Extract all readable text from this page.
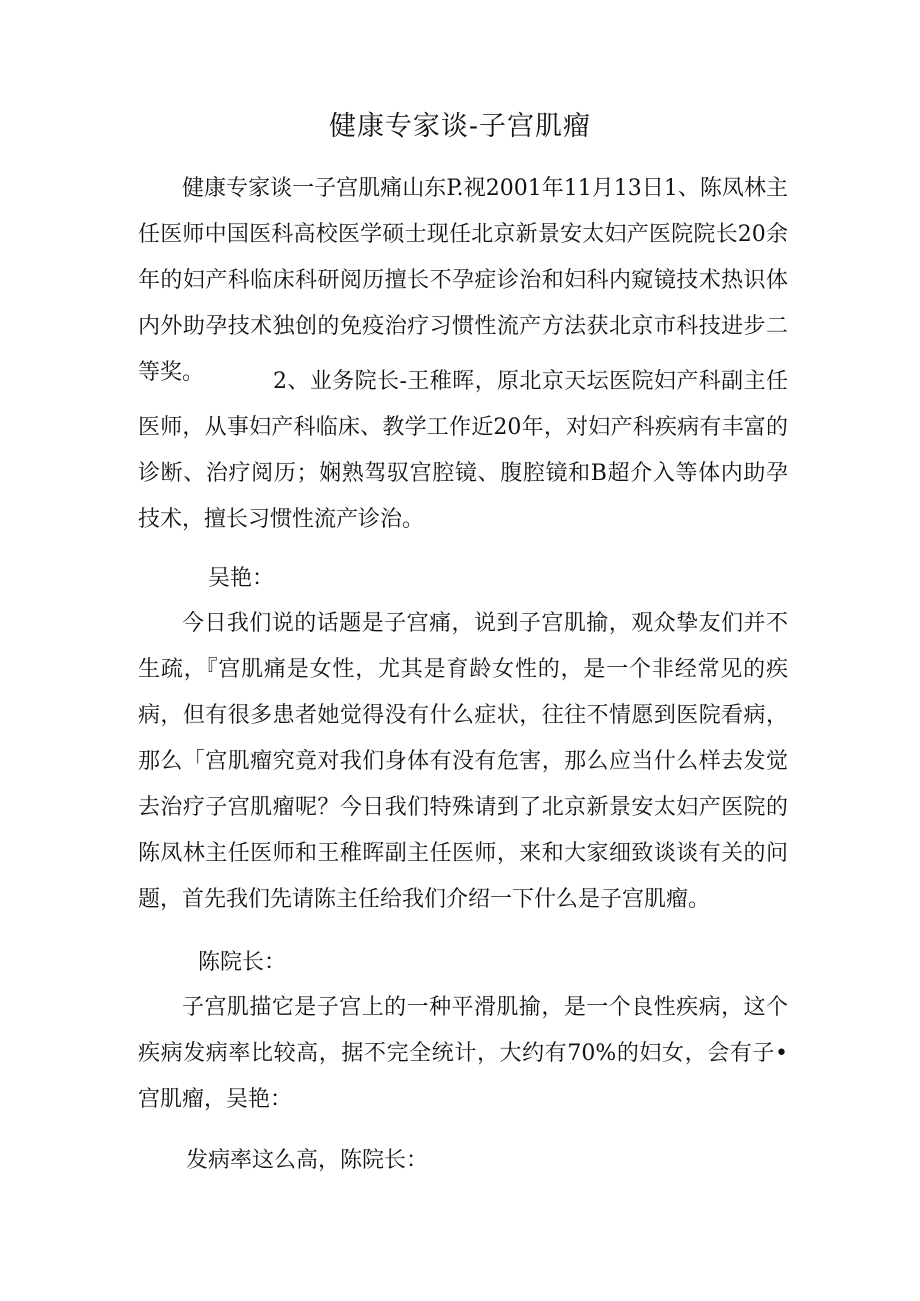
健康专家谈-子宫肌瘤

健康专家谈一子宫肌痛山东P.视2001年11月13日1、陈凤林主任医师中国医科高校医学硕士现任北京新景安太妇产医院院长20余年的妇产科临床科研阅历擅长不孕症诊治和妇科内窥镜技术热识体内外助孕技术独创的免疫治疗习惯性流产方法获北京市科技进步二等奖。	2、业务院长-王稚晖，原北京天坛医院妇产科副主任医师，从事妇产科临床、教学工作近20年，对妇产科疾病有丰富的诊断、治疗阅历；娴熟驾驭宫腔镜、腹腔镜和B超介入等体内助孕技术，擅长习惯性流产诊治。

吴艳：

今日我们说的话题是子宫痛，说到子宫肌揄，观众挚友们并不生疏，『宫肌痛是女性，尤其是育龄女性的，是一个非经常见的疾病，但有很多患者她觉得没有什么症状，往往不情愿到医院看病，那么「宫肌瘤究竟对我们身体有没有危害，那么应当什么样去发觉去治疗子宫肌瘤呢？今日我们特殊请到了北京新景安太妇产医院的陈凤林主任医师和王稚晖副主任医师，来和大家细致谈谈有关的问题，首先我们先请陈主任给我们介绍一下什么是子宫肌瘤。

陈院长：

子宫肌描它是子宫上的一种平滑肌揄，是一个良性疾病，这个疾病发病率比较高，据不完全统计，大约有70%的妇女，会有子•宫肌瘤，吴艳：

发病率这么高，陈院长：
